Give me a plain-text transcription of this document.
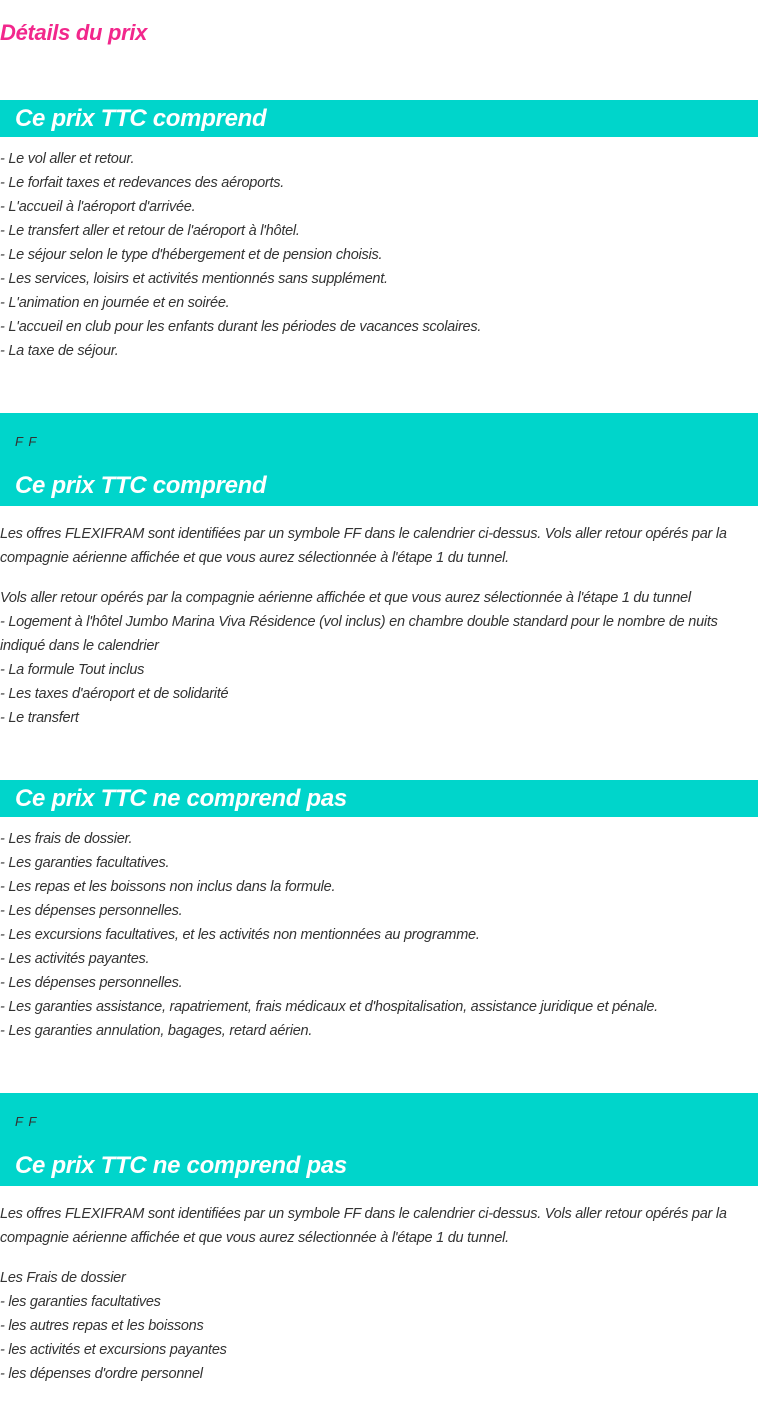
Détails du prix
Ce prix TTC comprend
- Le vol aller et retour.
- Le forfait taxes et redevances des aéroports.
- L'accueil à l'aéroport d'arrivée.
- Le transfert aller et retour de l'aéroport à l'hôtel.
- Le séjour selon le type d'hébergement et de pension choisis.
- Les services, loisirs et activités mentionnés sans supplément.
- L'animation en journée et en soirée.
- L'accueil en club pour les enfants durant les périodes de vacances scolaires.
- La taxe de séjour.
F F
Ce prix TTC comprend
Les offres FLEXIFRAM sont identifiées par un symbole FF dans le calendrier ci-dessus. Vols aller retour opérés par la compagnie aérienne affichée et que vous aurez sélectionnée à l'étape 1 du tunnel.
Vols aller retour opérés par la compagnie aérienne affichée et que vous aurez sélectionnée à l'étape 1 du tunnel
- Logement à l'hôtel Jumbo Marina Viva Résidence (vol inclus) en chambre double standard pour le nombre de nuits indiqué dans le calendrier
- La formule Tout inclus
- Les taxes d'aéroport et de solidarité
- Le transfert
Ce prix TTC ne comprend pas
- Les frais de dossier.
- Les garanties facultatives.
- Les repas et les boissons non inclus dans la formule.
- Les dépenses personnelles.
- Les excursions facultatives, et les activités non mentionnées au programme.
- Les activités payantes.
- Les dépenses personnelles.
- Les garanties assistance, rapatriement, frais médicaux et d'hospitalisation, assistance juridique et pénale.
- Les garanties annulation, bagages, retard aérien.
F F
Ce prix TTC ne comprend pas
Les offres FLEXIFRAM sont identifiées par un symbole FF dans le calendrier ci-dessus. Vols aller retour opérés par la compagnie aérienne affichée et que vous aurez sélectionnée à l'étape 1 du tunnel.
Les Frais de dossier
- les garanties facultatives
- les autres repas et les boissons
- les activités et excursions payantes
- les dépenses d'ordre personnel
